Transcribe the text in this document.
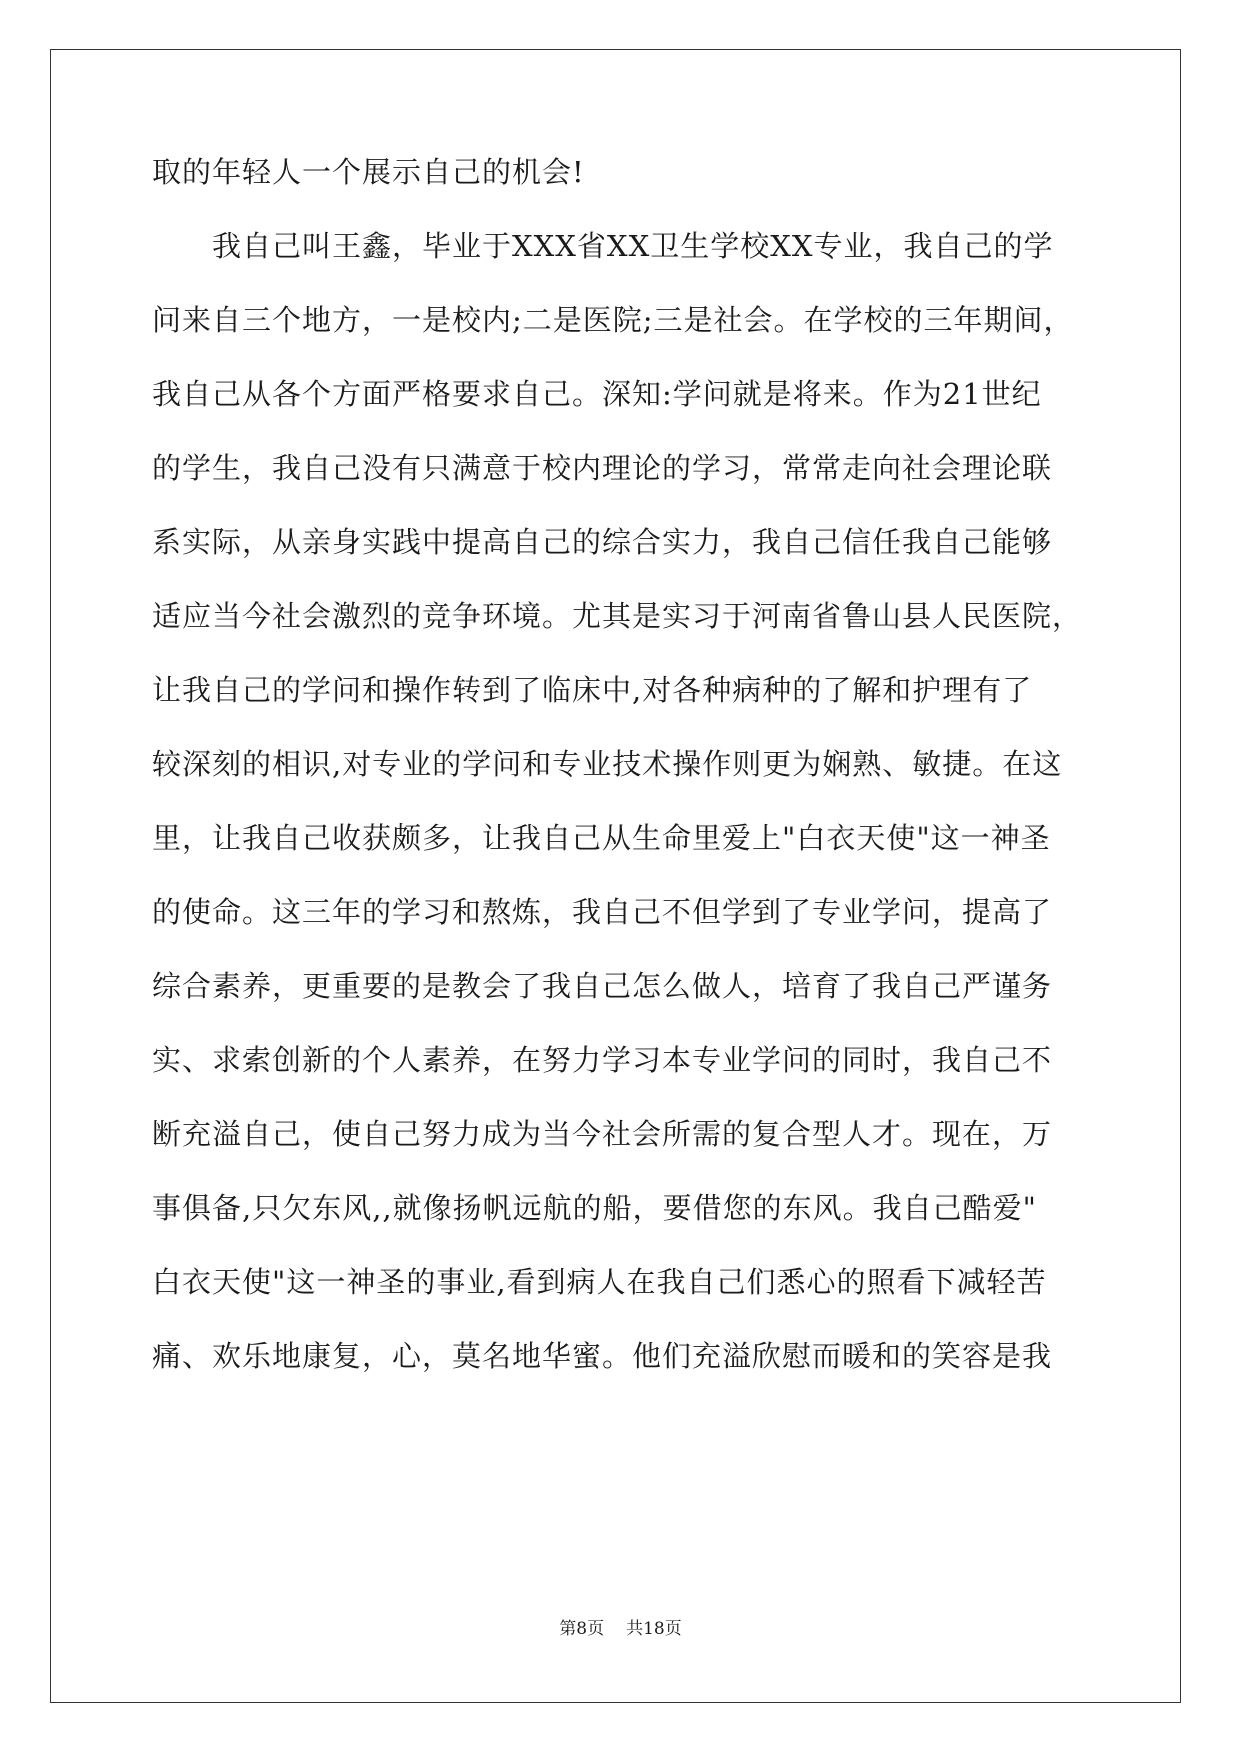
取的年轻人一个展示自己的机会!
　　我自己叫王鑫，毕业于XXX省XX卫生学校XX专业，我自己的学
问来自三个地方，一是校内;二是医院;三是社会。在学校的三年期间，
我自己从各个方面严格要求自己。深知:学问就是将来。作为21世纪
的学生，我自己没有只满意于校内理论的学习，常常走向社会理论联
系实际，从亲身实践中提高自己的综合实力，我自己信任我自己能够
适应当今社会激烈的竞争环境。尤其是实习于河南省鲁山县人民医院，
让我自己的学问和操作转到了临床中,对各种病种的了解和护理有了
较深刻的相识,对专业的学问和专业技术操作则更为娴熟、敏捷。在这
里，让我自己收获颇多，让我自己从生命里爱上"白衣天使"这一神圣
的使命。这三年的学习和熬炼，我自己不但学到了专业学问，提高了
综合素养，更重要的是教会了我自己怎么做人，培育了我自己严谨务
实、求索创新的个人素养，在努力学习本专业学问的同时，我自己不
断充溢自己，使自己努力成为当今社会所需的复合型人才。现在，万
事俱备,只欠东风,,就像扬帆远航的船，要借您的东风。我自己酷爱"
白衣天使"这一神圣的事业,看到病人在我自己们悉心的照看下减轻苦
痛、欢乐地康复，心，莫名地华蜜。他们充溢欣慰而暖和的笑容是我
第8页 共18页
